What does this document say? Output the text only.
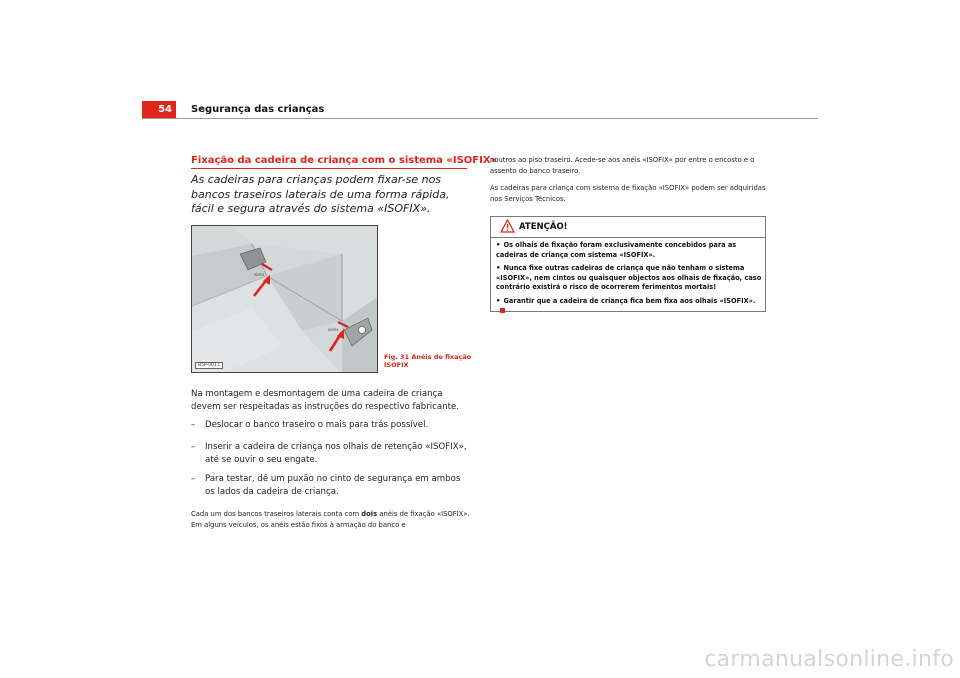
54	Segurança das crianças
Fixação da cadeira de criança com o sistema «ISOFIX»
As cadeiras para crianças podem fixar-se nos bancos traseiros laterais de uma forma rápida, fácil e segura através do sistema «ISOFIX».
ISOFIX
ISOFIX
B5P-0011
Fig. 31 Anéis de fixação ISOFIX
Na montagem e desmontagem de uma cadeira de criança devem ser respeitadas as instruções do respectivo fabricante.
– Deslocar o banco traseiro o mais para trás possível.
– Inserir a cadeira de criança nos olhais de retenção «ISOFIX», até se ouvir o seu engate.
– Para testar, dê um puxão no cinto de segurança em ambos os lados da cadeira de criança.
Cada um dos bancos traseiros laterais conta com dois anéis de fixação «ISOFIX». Em alguns veículos, os anéis estão fixos à armação do banco e
noutros ao piso traseiro. Acede-se aos anéis «ISOFIX» por entre o encosto e o assento do banco traseiro.
As cadeiras para criança com sistema de fixação «ISOFIX» podem ser adquiridas nos Serviços Técnicos.
ATENÇÃO!
• Os olhais de fixação foram exclusivamente concebidos para as cadeiras de criança com sistema «ISOFIX».
• Nunca fixe outras cadeiras de criança que não tenham o sistema «ISOFIX», nem cintos ou quaisquer objectos aos olhais de fixação, caso contrário existirá o risco de ocorrerem ferimentos mortais!
• Garantir que a cadeira de criança fica bem fixa aos olhais «ISOFIX».
carmanualsonline.info
